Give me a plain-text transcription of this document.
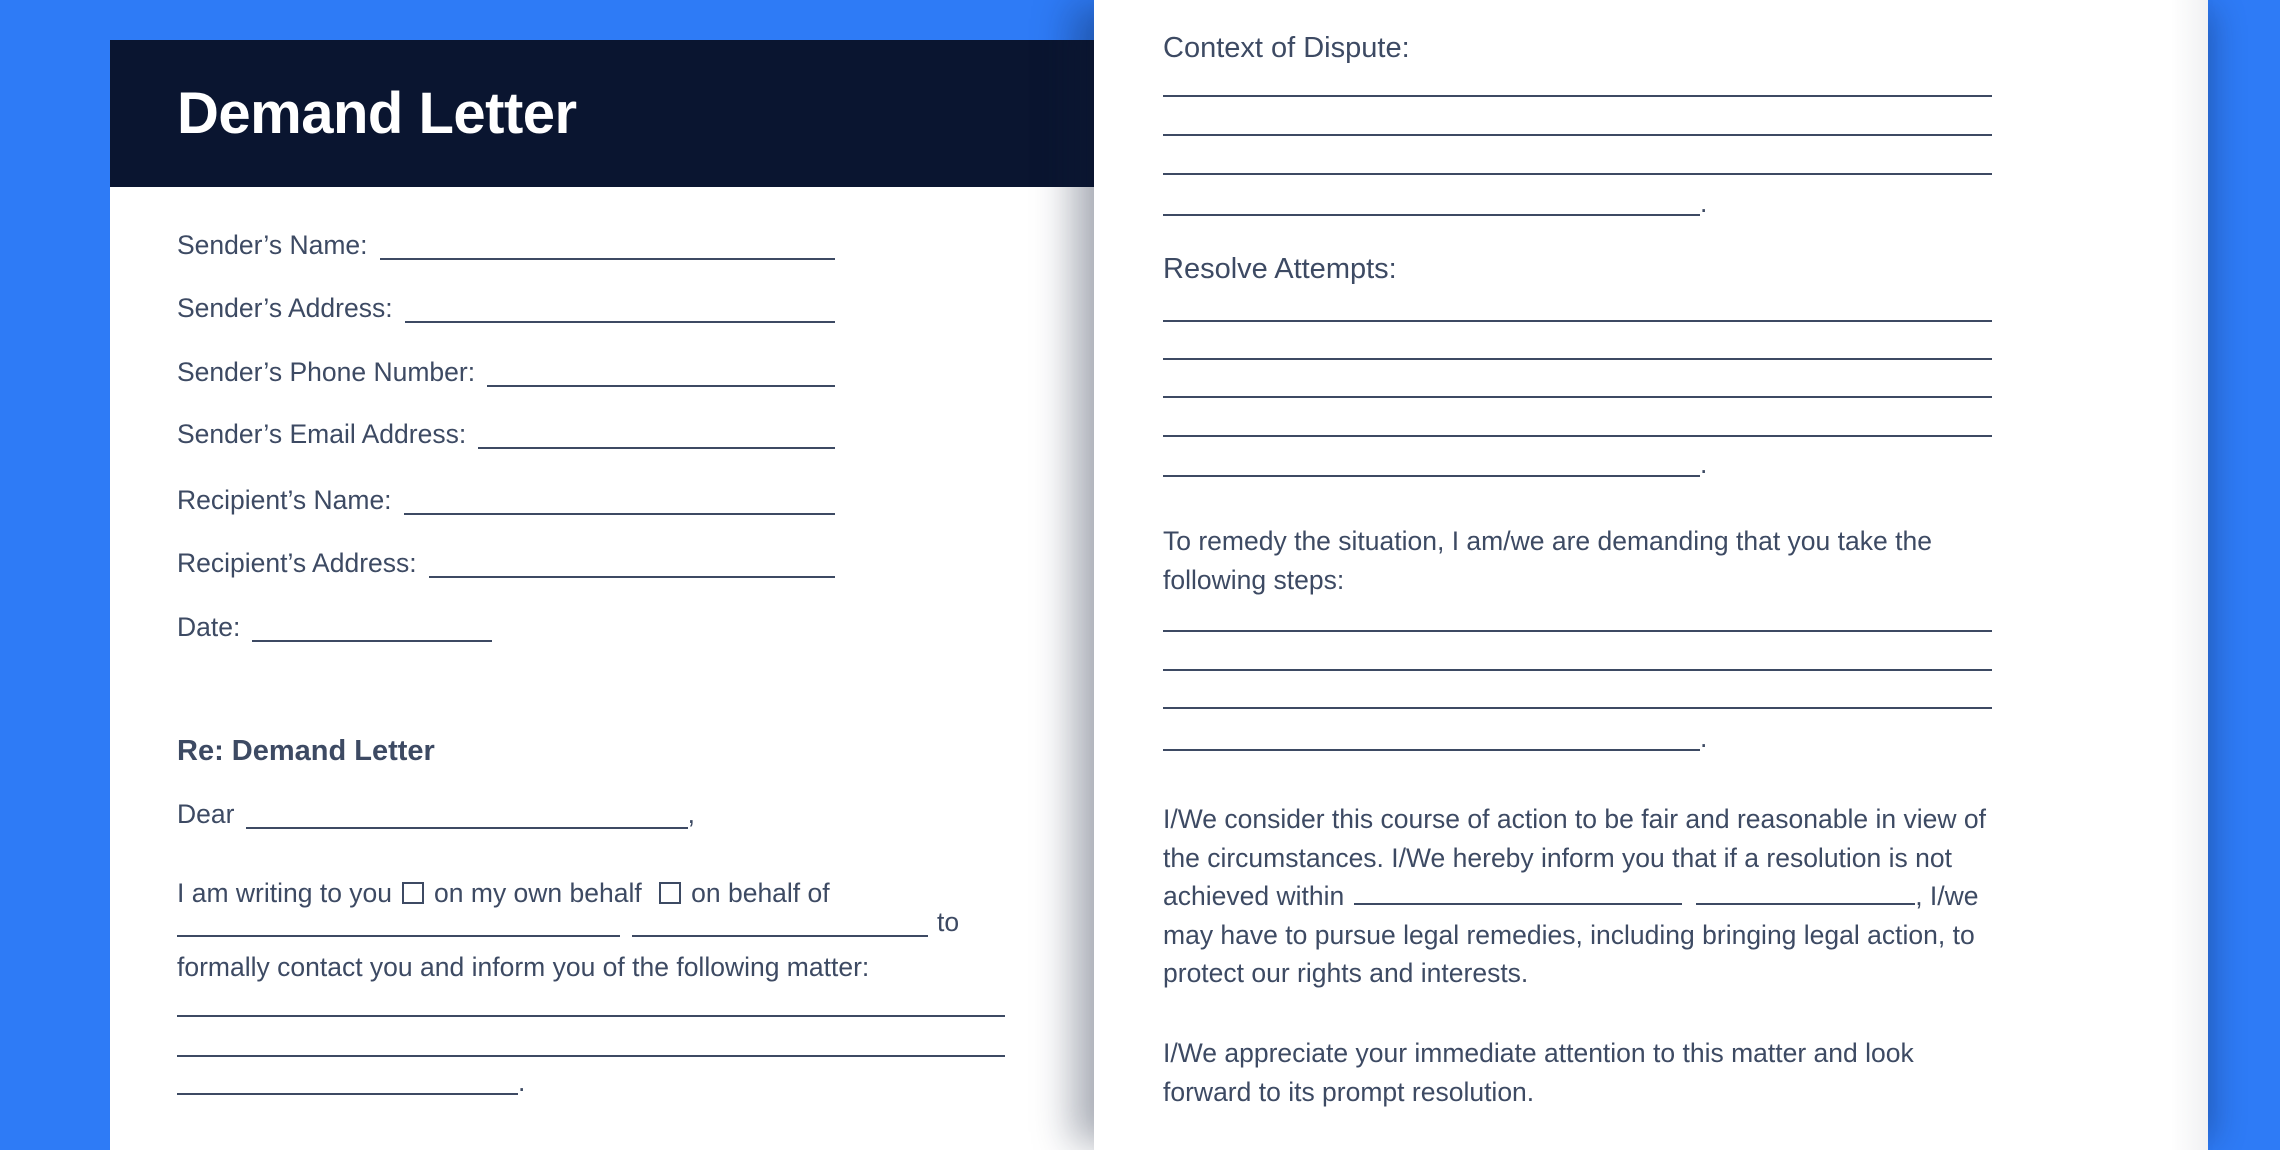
Demand Letter
Sender’s Name:
Sender’s Address:
Sender’s Phone Number:
Sender’s Email Address:
Recipient’s Name:
Recipient’s Address:
Date:
Re: Demand Letter
Dear	,
I am writing to you on my own behalf on behalf of
to
formally contact you and inform you of the following matter:
.
Context of Dispute:
.
Resolve Attempts:
.
To remedy the situation, I am/we are demanding that you take the
following steps:
.
I/We consider this course of action to be fair and reasonable in view of
the circumstances. I/We hereby inform you that if a resolution is not
achieved within	, I/we
may have to pursue legal remedies, including bringing legal action, to
protect our rights and interests.
I/We appreciate your immediate attention to this matter and look
forward to its prompt resolution.
